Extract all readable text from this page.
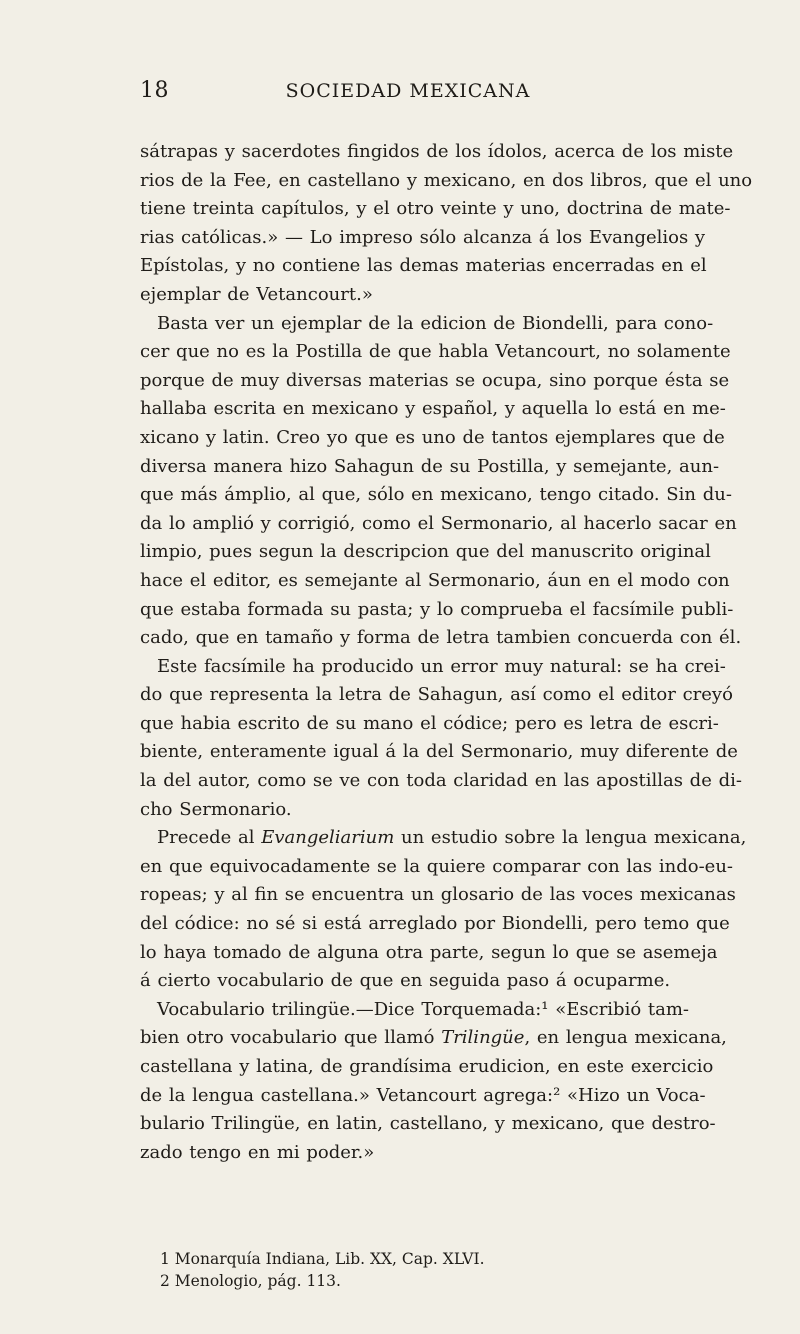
18	SOCIEDAD MEXICANA
sátrapas y sacerdotes fingidos de los ídolos, acerca de los miste
rios de la Fee, en castellano y mexicano, en dos libros, que el uno
tiene treinta capítulos, y el otro veinte y uno, doctrina de mate-
rias católicas.» — Lo impreso sólo alcanza á los Evangelios y
Epístolas, y no contiene las demas materias encerradas en el
ejemplar de Vetancourt.»
Basta ver un ejemplar de la edicion de Biondelli, para cono-
cer que no es la Postilla de que habla Vetancourt, no solamente
porque de muy diversas materias se ocupa, sino porque ésta se
hallaba escrita en mexicano y español, y aquella lo está en me-
xicano y latin. Creo yo que es uno de tantos ejemplares que de
diversa manera hizo Sahagun de su Postilla, y semejante, aun-
que más ámplio, al que, sólo en mexicano, tengo citado. Sin du-
da lo amplió y corrigió, como el Sermonario, al hacerlo sacar en
limpio, pues segun la descripcion que del manuscrito original
hace el editor, es semejante al Sermonario, áun en el modo con
que estaba formada su pasta; y lo comprueba el facsímile publi-
cado, que en tamaño y forma de letra tambien concuerda con él.
Este facsímile ha producido un error muy natural: se ha crei-
do que representa la letra de Sahagun, así como el editor creyó
que habia escrito de su mano el códice; pero es letra de escri-
biente, enteramente igual á la del Sermonario, muy diferente de
la del autor, como se ve con toda claridad en las apostillas de di-
cho Sermonario.
Precede al Evangeliarium un estudio sobre la lengua mexicana,
en que equivocadamente se la quiere comparar con las indo-eu-
ropeas; y al fin se encuentra un glosario de las voces mexicanas
del códice: no sé si está arreglado por Biondelli, pero temo que
lo haya tomado de alguna otra parte, segun lo que se asemeja
á cierto vocabulario de que en seguida paso á ocuparme.
Vocabulario trilingüe.—Dice Torquemada:¹ «Escribió tam-
bien otro vocabulario que llamó Trilingüe, en lengua mexicana,
castellana y latina, de grandísima erudicion, en este exercicio
de la lengua castellana.» Vetancourt agrega:² «Hizo un Voca-
bulario Trilingüe, en latin, castellano, y mexicano, que destro-
zado tengo en mi poder.»
1 Monarquía Indiana, Lib. XX, Cap. XLVI.
2 Menologio, pág. 113.
